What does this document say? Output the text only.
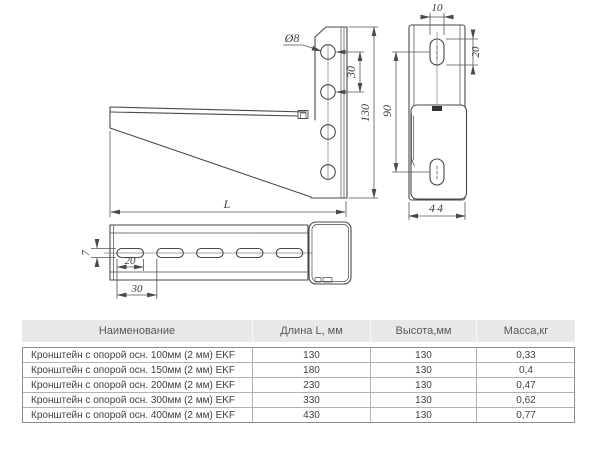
Ø8
30
130
L
10
20
90
44
7
20
30
Наименование	Длина L, мм	Высота,мм	Масса,кг
Кронштейн с опорой осн. 100мм (2 мм) EKF	130	130	0,33
Кронштейн с опорой осн. 150мм (2 мм) EKF	180	130	0,4
Кронштейн с опорой осн. 200мм (2 мм) EKF	230	130	0,47
Кронштейн с опорой осн. 300мм (2 мм) EKF	330	130	0,62
Кронштейн с опорой осн. 400мм (2 мм) EKF	430	130	0,77
